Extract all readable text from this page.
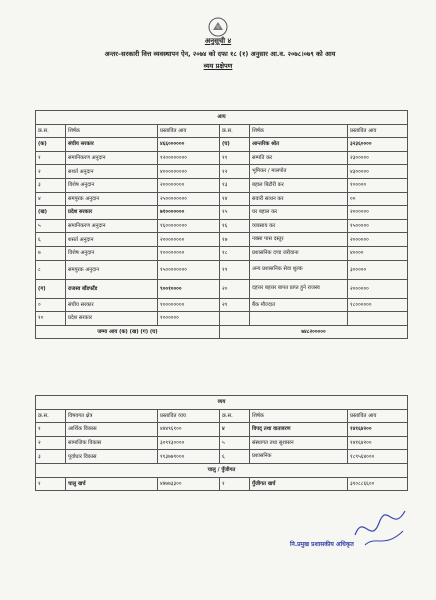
अनुसूची ४
अन्तर–सरकारी वित्त व्यवस्थापन ऐन, २०७४ को दफा १८ (१) अनुसार आ.व. २०७८।०७९ को आय
व्यय प्रक्षेपण
आय					
क्र.स.	शिर्षक	प्रस्तावित आय	क्र.स.	शिर्षक	प्रस्तावित आय
(क)	संघीय सरकार	४६६००००००	(घ)	आन्तरिक श्रोत	३२३६००००
१	समानिकरण अनुदान	१२००००००००	११	सम्पति कर	२३०००००
२	सशर्त अनुदान	४०००००००००	१२	भूमिकर / मालपोत	४३०००००
३	विशेष अनुदान	२००००००००	१३	बहाल बिटौरी कर	१०००००
४	समपुरक अनुदान	२५००००००००	१४	सवारी साधन कर	००
(ख)	प्रदेश सरकार	७१०००००००	१५	घर बहाल कर	२००००००
५	समानिकरण अनुदान	१६००००००००	१६	व्यवसाय कर	१५०००००
६	शसर्त अनुदान	२००००००००	१७	नक्सा पास दस्तुर	२००००००
७	विशेष अनुदान	१००००००००	१८	प्रशासनिक दण्ड जरीवाना	४००००
८	समपुरक अनुदान	१५००००००००	१९	अन्य प्रशासनिक सेवा शुल्क	३०००००
(ग)	राजस्व बाँडफाँड	९००१००००	२०	दहत्तर बहत्तर बापत प्राप्त हुने राजस्व	२००००००
०	संघीय सरकार	१००००००००	२१	बैंक मौज्दात	१८००००००
१०	प्रदेश सरकार	१००००००			
जम्मा आय (क) (ख) (ग) (घ)			७४८२०००००		
व्यय					
क्र.स.	विषयगत क्षेत्र	प्रस्तावित व्यय	क्र.स.	शिर्षक	प्रस्तावित आय
१	आर्थिक विकास	४४४९६१००	४	विपद् तथा वातावरण	१४१६४२००
२	सामाजिक विकास	३०९१३००००	५	संस्थागत तथा सुशासन	१४१६४२००
३	पूर्वाधार विकास	११३७७९०००	६	प्रशासनिक	१८९५६४०००
चालु / पुँजीगत					
१	चालु खर्च	४४७७३३००	१	पुँजीगत खर्च	३१०८८६६००
नि.प्रमुख प्रशासकीय अधिकृत
